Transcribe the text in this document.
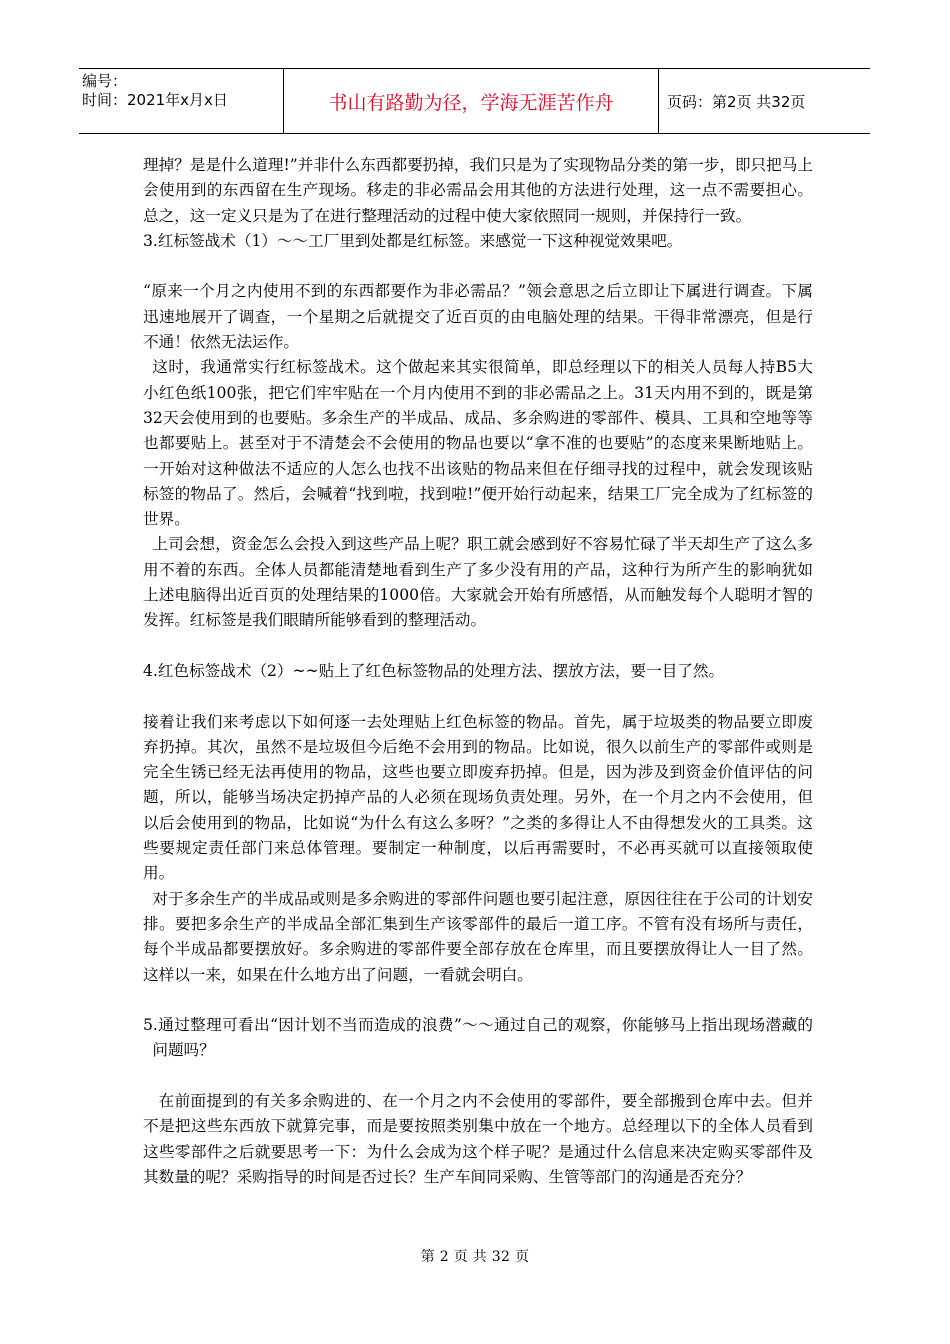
编号：
时间：2021年x月x日	书山有路勤为径，学海无涯苦作舟	页码：第2页 共32页

理掉？是是什么道理!”并非什么东西都要扔掉，我们只是为了实现物品分类的第一步，即只把马上会使用到的东西留在生产现场。移走的非必需品会用其他的方法进行处理，这一点不需要担心。总之，这一定义只是为了在进行整理活动的过程中使大家依照同一规则，并保持行一致。

3.红标签战术（1）～～工厂里到处都是红标签。来感觉一下这种视觉效果吧。

“原来一个月之内使用不到的东西都要作为非必需品？”领会意思之后立即让下属进行调查。下属迅速地展开了调查，一个星期之后就提交了近百页的由电脑处理的结果。干得非常漂亮，但是行不通！依然无法运作。

这时，我通常实行红标签战术。这个做起来其实很简单，即总经理以下的相关人员每人持B5大小红色纸100张，把它们牢牢贴在一个月内使用不到的非必需品之上。31天内用不到的，既是第32天会使用到的也要贴。多余生产的半成品、成品、多余购进的零部件、模具、工具和空地等等也都要贴上。甚至对于不清楚会不会使用的物品也要以“拿不准的也要贴”的态度来果断地贴上。一开始对这种做法不适应的人怎么也找不出该贴的物品来但在仔细寻找的过程中，就会发现该贴标签的物品了。然后，会喊着“找到啦，找到啦!”便开始行动起来，结果工厂完全成为了红标签的世界。

上司会想，资金怎么会投入到这些产品上呢？职工就会感到好不容易忙碌了半天却生产了这么多用不着的东西。全体人员都能清楚地看到生产了多少没有用的产品，这种行为所产生的影响犹如上述电脑得出近百页的处理结果的1000倍。大家就会开始有所感悟，从而触发每个人聪明才智的发挥。红标签是我们眼睛所能够看到的整理活动。

4.红色标签战术（2）~~贴上了红色标签物品的处理方法、摆放方法，要一目了然。

接着让我们来考虑以下如何逐一去处理贴上红色标签的物品。首先，属于垃圾类的物品要立即废弃扔掉。其次，虽然不是垃圾但今后绝不会用到的物品。比如说，很久以前生产的零部件或则是完全生锈已经无法再使用的物品，这些也要立即废弃扔掉。但是，因为涉及到资金价值评估的问题，所以，能够当场决定扔掉产品的人必须在现场负责处理。另外，在一个月之内不会使用，但以后会使用到的物品，比如说“为什么有这么多呀？”之类的多得让人不由得想发火的工具类。这些要规定责任部门来总体管理。要制定一种制度，以后再需要时，不必再买就可以直接领取使用。

对于多余生产的半成品或则是多余购进的零部件问题也要引起注意，原因往往在于公司的计划安排。要把多余生产的半成品全部汇集到生产该零部件的最后一道工序。不管有没有场所与责任，每个半成品都要摆放好。多余购进的零部件要全部存放在仓库里，而且要摆放得让人一目了然。这样以一来，如果在什么地方出了问题，一看就会明白。

5.通过整理可看出“因计划不当而造成的浪费”～～通过自己的观察，你能够马上指出现场潜藏的问题吗？

在前面提到的有关多余购进的、在一个月之内不会使用的零部件，要全部搬到仓库中去。但并不是把这些东西放下就算完事，而是要按照类别集中放在一个地方。总经理以下的全体人员看到这些零部件之后就要思考一下：为什么会成为这个样子呢？是通过什么信息来决定购买零部件及其数量的呢？采购指导的时间是否过长？生产车间同采购、生管等部门的沟通是否充分？

第 2 页 共 32 页
